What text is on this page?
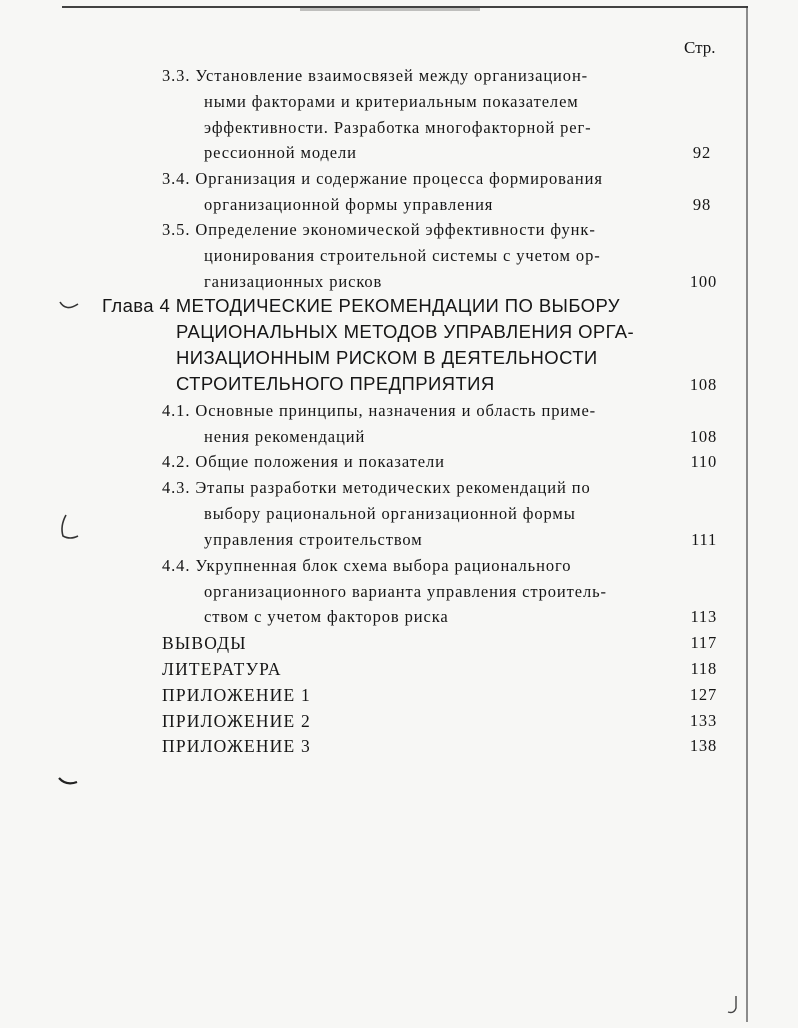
Стр.
3.3. Установление взаимосвязей между организацион-
ными факторами и критериальным показателем
эффективности. Разработка многофакторной рег-
рессионной модели	92
3.4. Организация и содержание процесса формирования
организационной формы управления	98
3.5. Определение экономической эффективности функ-
ционирования строительной системы с учетом ор-
ганизационных рисков	100
Глава 4 МЕТОДИЧЕСКИЕ РЕКОМЕНДАЦИИ ПО ВЫБОРУ
РАЦИОНАЛЬНЫХ МЕТОДОВ УПРАВЛЕНИЯ ОРГА-
НИЗАЦИОННЫМ РИСКОМ В ДЕЯТЕЛЬНОСТИ
СТРОИТЕЛЬНОГО ПРЕДПРИЯТИЯ	108
4.1. Основные принципы, назначения и область приме-
нения рекомендаций	108
4.2. Общие положения и показатели	110
4.3. Этапы разработки методических рекомендаций по
выбору рациональной организационной формы
управления строительством	111
4.4. Укрупненная блок схема выбора рационального
организационного варианта управления строитель-
ством с учетом факторов риска	113
ВЫВОДЫ	117
ЛИТЕРАТУРА	118
ПРИЛОЖЕНИЕ 1	127
ПРИЛОЖЕНИЕ 2	133
ПРИЛОЖЕНИЕ 3	138
